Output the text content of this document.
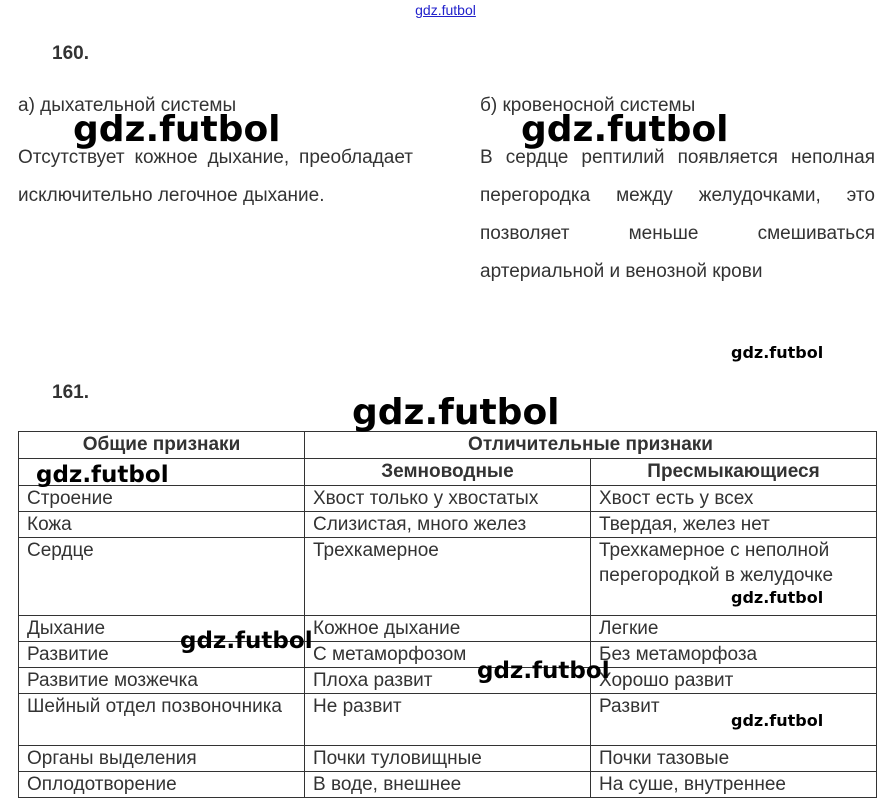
gdz.futbol
160.
а) дыхательной системы
Отсутствует кожное дыхание, преобладает исключительно легочное дыхание.
б) кровеносной системы
В сердце рептилий появляется неполная перегородка между желудочками, это позволяет меньше смешиваться артериальной и венозной крови
161.
Общие признаки	Отличительные признаки	
	Земноводные	Пресмыкающиеся
Строение	Хвост только у хвостатых	Хвост есть у всех
Кожа	Слизистая, много желез	Твердая, желез нет
Сердце	Трехкамерное	Трехкамерное с неполной перегородкой в желудочке
Дыхание	Кожное дыхание	Легкие
Развитие	С метаморфозом	Без метаморфоза
Развитие мозжечка	Плоха развит	Хорошо развит
Шейный отдел позвоночника	Не развит	Развит
Органы выделения	Почки туловищные	Почки тазовые
Оплодотворение	В воде, внешнее	На суше, внутреннее
gdz.futbol	gdz.futbol
gdz.futbol
gdz.futbol
gdz.futbol
gdz.futbol
gdz.futbol
gdz.futbol
gdz.futbol
